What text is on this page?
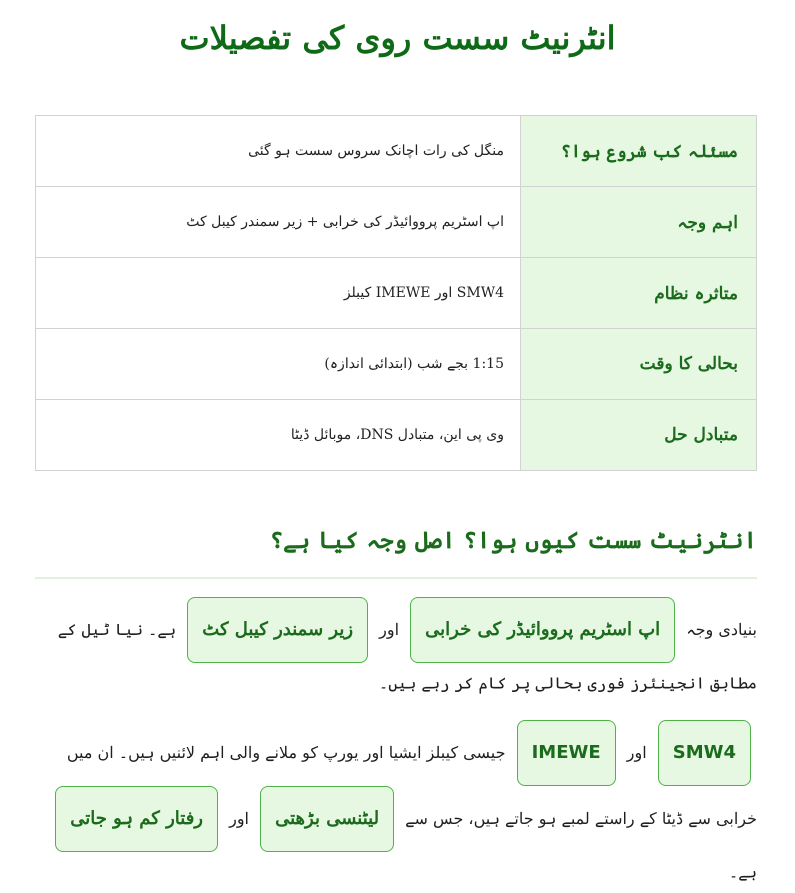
انٹرنیٹ سست روی کی تفصیلات
مسئلہ کب شروع ہوا؟	منگل کی رات اچانک سروس سست ہو گئی
اہم وجہ	اپ اسٹریم پرووائیڈر کی خرابی + زیر سمندر کیبل کٹ
متاثرہ نظام	SMW4 اور IMEWE کیبلز
بحالی کا وقت	1:15 بجے شب (ابتدائی اندازہ)
متبادل حل	وی پی این، متبادل DNS، موبائل ڈیٹا
انٹرنیٹ سست کیوں ہوا؟ اصل وجہ کیا ہے؟
بنیادی وجہ اپ اسٹریم پرووائیڈر کی خرابی اور زیر سمندر کیبل کٹ ہے۔ نیا ٹیل کے مطابق انجینئرز فوری بحالی پر کام کر رہے ہیں۔
SMW4 اور IMEWE جیسی کیبلز ایشیا اور یورپ کو ملانے والی اہم لائنیں ہیں۔ ان میں خرابی سے ڈیٹا کے راستے لمبے ہو جاتے ہیں، جس سے لیٹنسی بڑھتی اور رفتار کم ہو جاتی ہے۔
